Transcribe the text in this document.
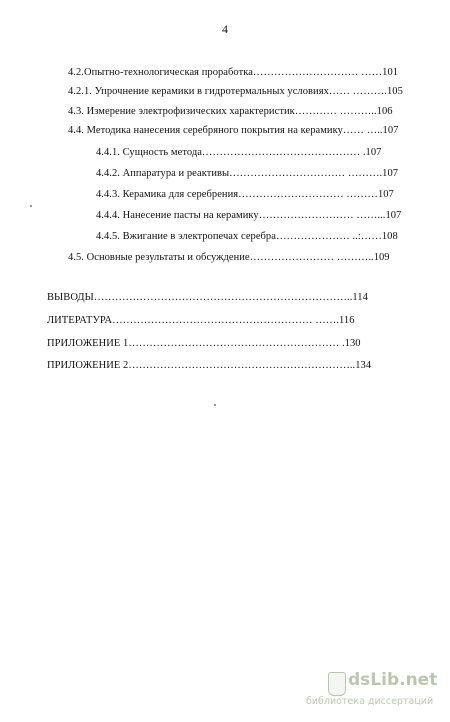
4
4.2.Опытно-технологическая проработка………………………… ……101
4.2.1. Упрочнение керамики в гидротермальных условиях…… ……….105
4.3. Измерение электрофизических характеристик………… ………..106
4.4. Методика нанесения серебряного покрытия на керамику…… …..107
4.4.1. Сущность метода……………………………………… .107
4.4.2. Аппаратура и реактивы…………………………… ……….107
4.4.3. Керамика для серебрения………………………… ………107
4.4.4. Нанесение пасты на керамику……………………… ……...107
4.4.5. Вжигание в электропечах серебра………………… ..:……108
4.5. Основные результаты и обсуждение…………………… ………..109
ВЫВОДЫ………………………………………………………………..114
ЛИТЕРАТУРА………………………………………………… …….116
ПРИЛОЖЕНИЕ 1…………………………………………………… .130
ПРИЛОЖЕНИЕ 2………………………………………………………..134
dsLib.net
библиотека диссертаций
